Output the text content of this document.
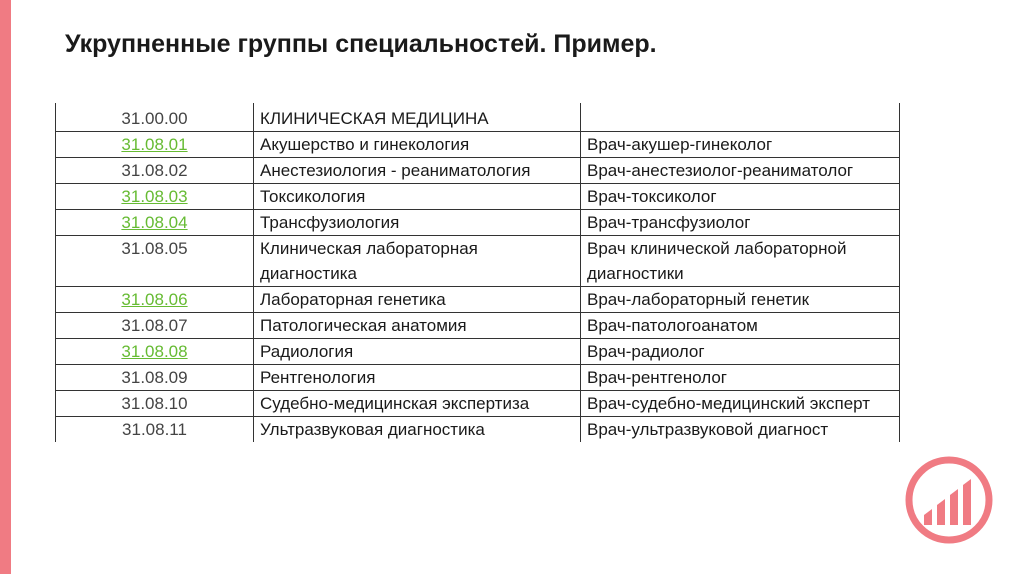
Укрупненные группы специальностей. Пример.
31.00.00	КЛИНИЧЕСКАЯ МЕДИЦИНА	
31.08.01	Акушерство и гинекология	Врач-акушер-гинеколог
31.08.02	Анестезиология - реаниматология	Врач-анестезиолог-реаниматолог
31.08.03	Токсикология	Врач-токсиколог
31.08.04	Трансфузиология	Врач-трансфузиолог
31.08.05	Клиническая лабораторная диагностика	Врач клинической лабораторной диагностики
31.08.06	Лабораторная генетика	Врач-лабораторный генетик
31.08.07	Патологическая анатомия	Врач-патологоанатом
31.08.08	Радиология	Врач-радиолог
31.08.09	Рентгенология	Врач-рентгенолог
31.08.10	Судебно-медицинская экспертиза	Врач-судебно-медицинский эксперт
31.08.11	Ультразвуковая диагностика	Врач-ультразвуковой диагност
